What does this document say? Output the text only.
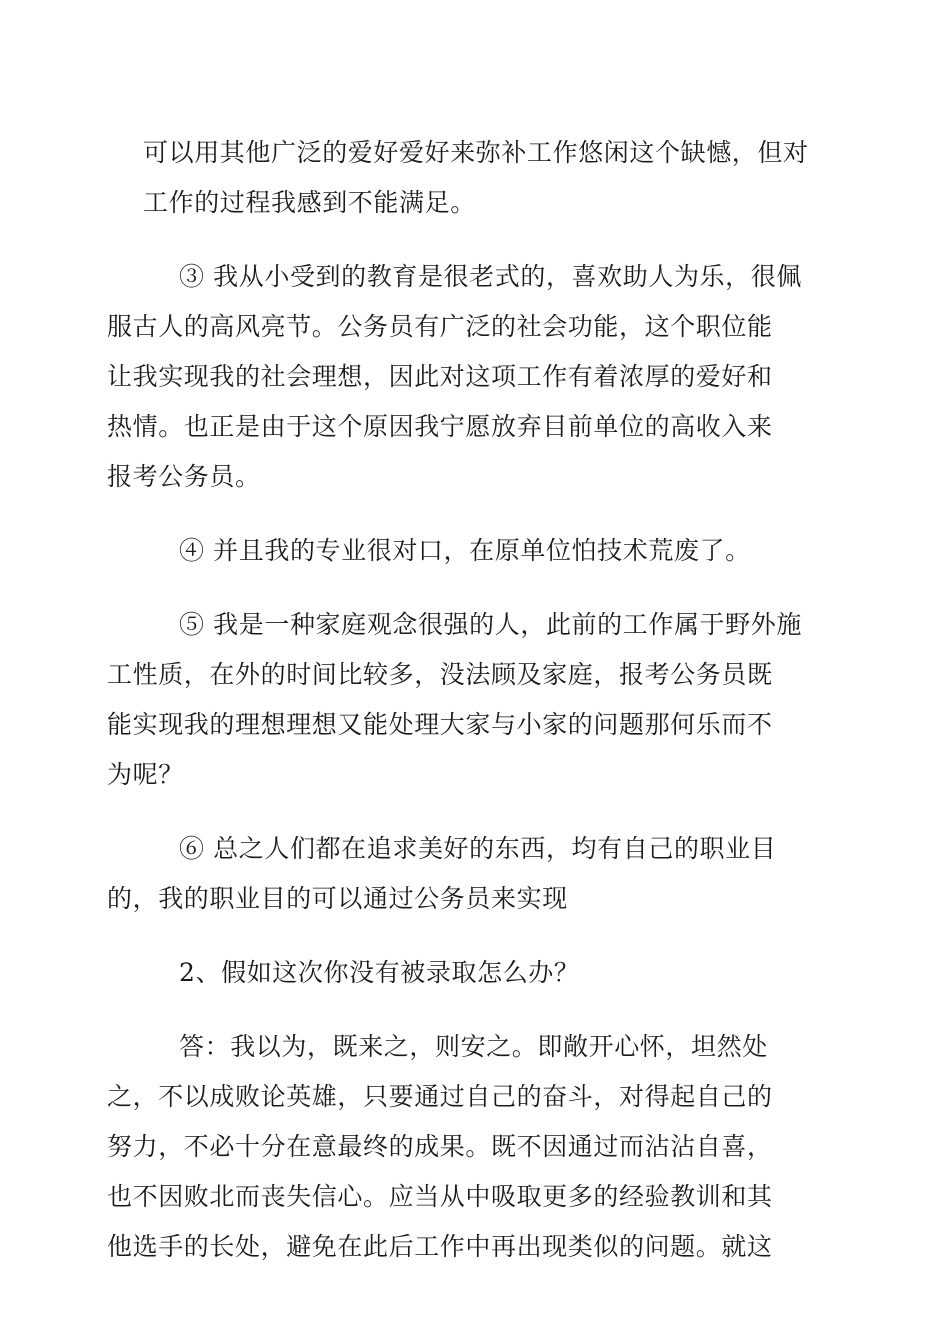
可以用其他广泛的爱好爱好来弥补工作悠闲这个缺憾，但对
工作的过程我感到不能满足。

③ 我从小受到的教育是很老式的，喜欢助人为乐，很佩
服古人的高风亮节。公务员有广泛的社会功能，这个职位能
让我实现我的社会理想，因此对这项工作有着浓厚的爱好和
热情。也正是由于这个原因我宁愿放弃目前单位的高收入来
报考公务员。

④ 并且我的专业很对口，在原单位怕技术荒废了。

⑤ 我是一种家庭观念很强的人，此前的工作属于野外施
工性质，在外的时间比较多，没法顾及家庭，报考公务员既
能实现我的理想理想又能处理大家与小家的问题那何乐而不
为呢？

⑥ 总之人们都在追求美好的东西，均有自己的职业目
的，我的职业目的可以通过公务员来实现

2、假如这次你没有被录取怎么办？

答：我以为，既来之，则安之。即敞开心怀，坦然处
之，不以成败论英雄，只要通过自己的奋斗，对得起自己的
努力，不必十分在意最终的成果。既不因通过而沾沾自喜，
也不因败北而丧失信心。应当从中吸取更多的经验教训和其
他选手的长处，避免在此后工作中再出现类似的问题。就这
